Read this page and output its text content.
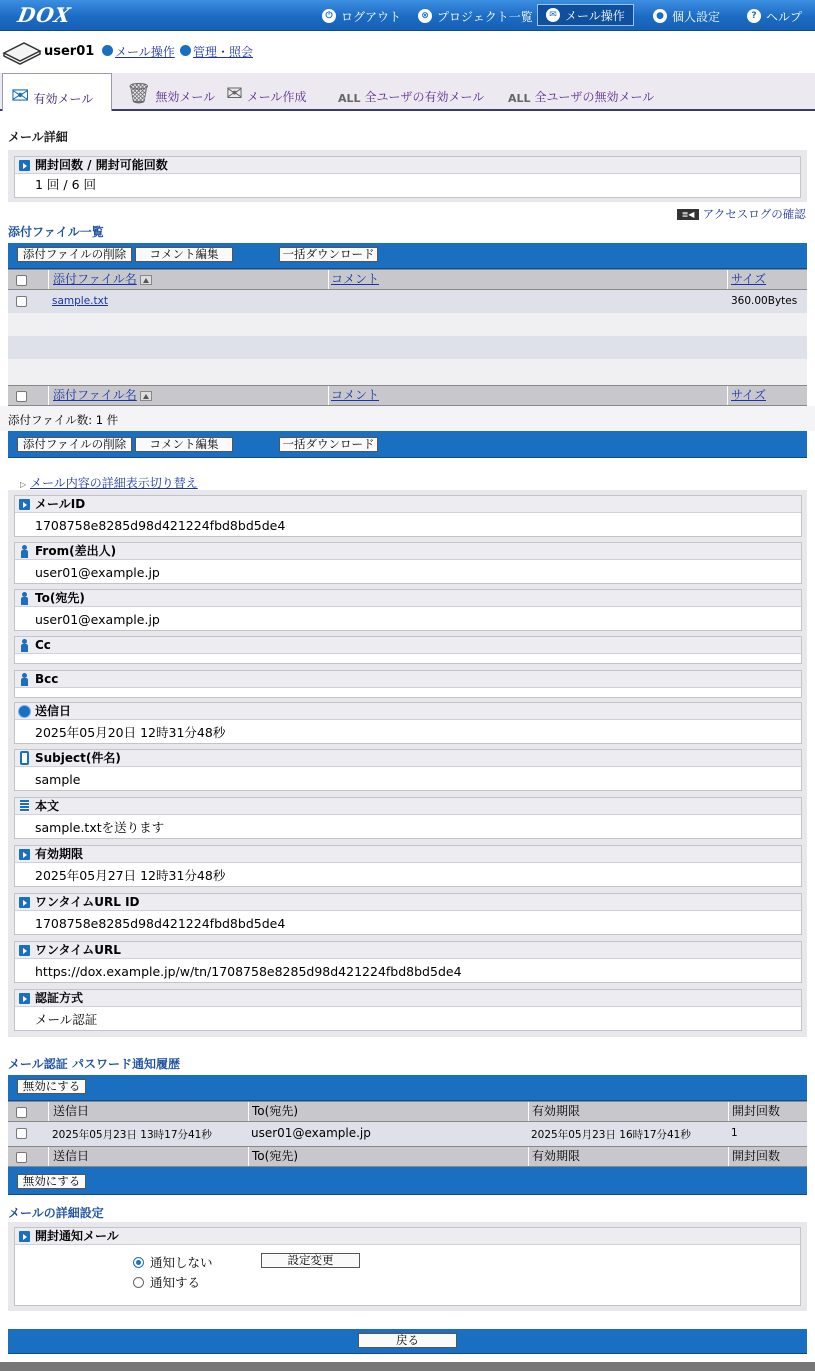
DOX	⏻ ログアウト	⊗ プロジェクト一覧	✉ メール操作	● 個人設定	? ヘルプ
user01 メール操作 管理・照会
✉ 有効メール 🗑 無効メール ✉ メール作成	ALL 全ユーザの有効メール ALL 全ユーザの無効メール
メール詳細
開封回数 / 開封可能回数
1 回 / 6 回
≣◀ アクセスログの確認
添付ファイル一覧
添付ファイルの削除	コメント編集	一括ダウンロード
添付ファイル名	コメント	サイズ
sample.txt	360.00Bytes
添付ファイル名	コメント	サイズ
添付ファイル数: 1 件
添付ファイルの削除	コメント編集	一括ダウンロード
▷ メール内容の詳細表示切り替え
メールID
1708758e8285d98d421224fbd8bd5de4
From(差出人)
user01@example.jp
To(宛先)
user01@example.jp
Cc
Bcc
送信日
2025年05月20日 12時31分48秒
Subject(件名)
sample
本文
sample.txtを送ります
有効期限
2025年05月27日 12時31分48秒
ワンタイムURL ID
1708758e8285d98d421224fbd8bd5de4
ワンタイムURL
https://dox.example.jp/w/tn/1708758e8285d98d421224fbd8bd5de4
認証方式
メール認証
メール認証 パスワード通知履歴
無効にする
送信日	To(宛先)	有効期限	開封回数
2025年05月23日 13時17分41秒	user01@example.jp	2025年05月23日 16時17分41秒	1
送信日	To(宛先)	有効期限	開封回数
無効にする
メールの詳細設定
開封通知メール
通知しない
通知する
設定変更
戻る
